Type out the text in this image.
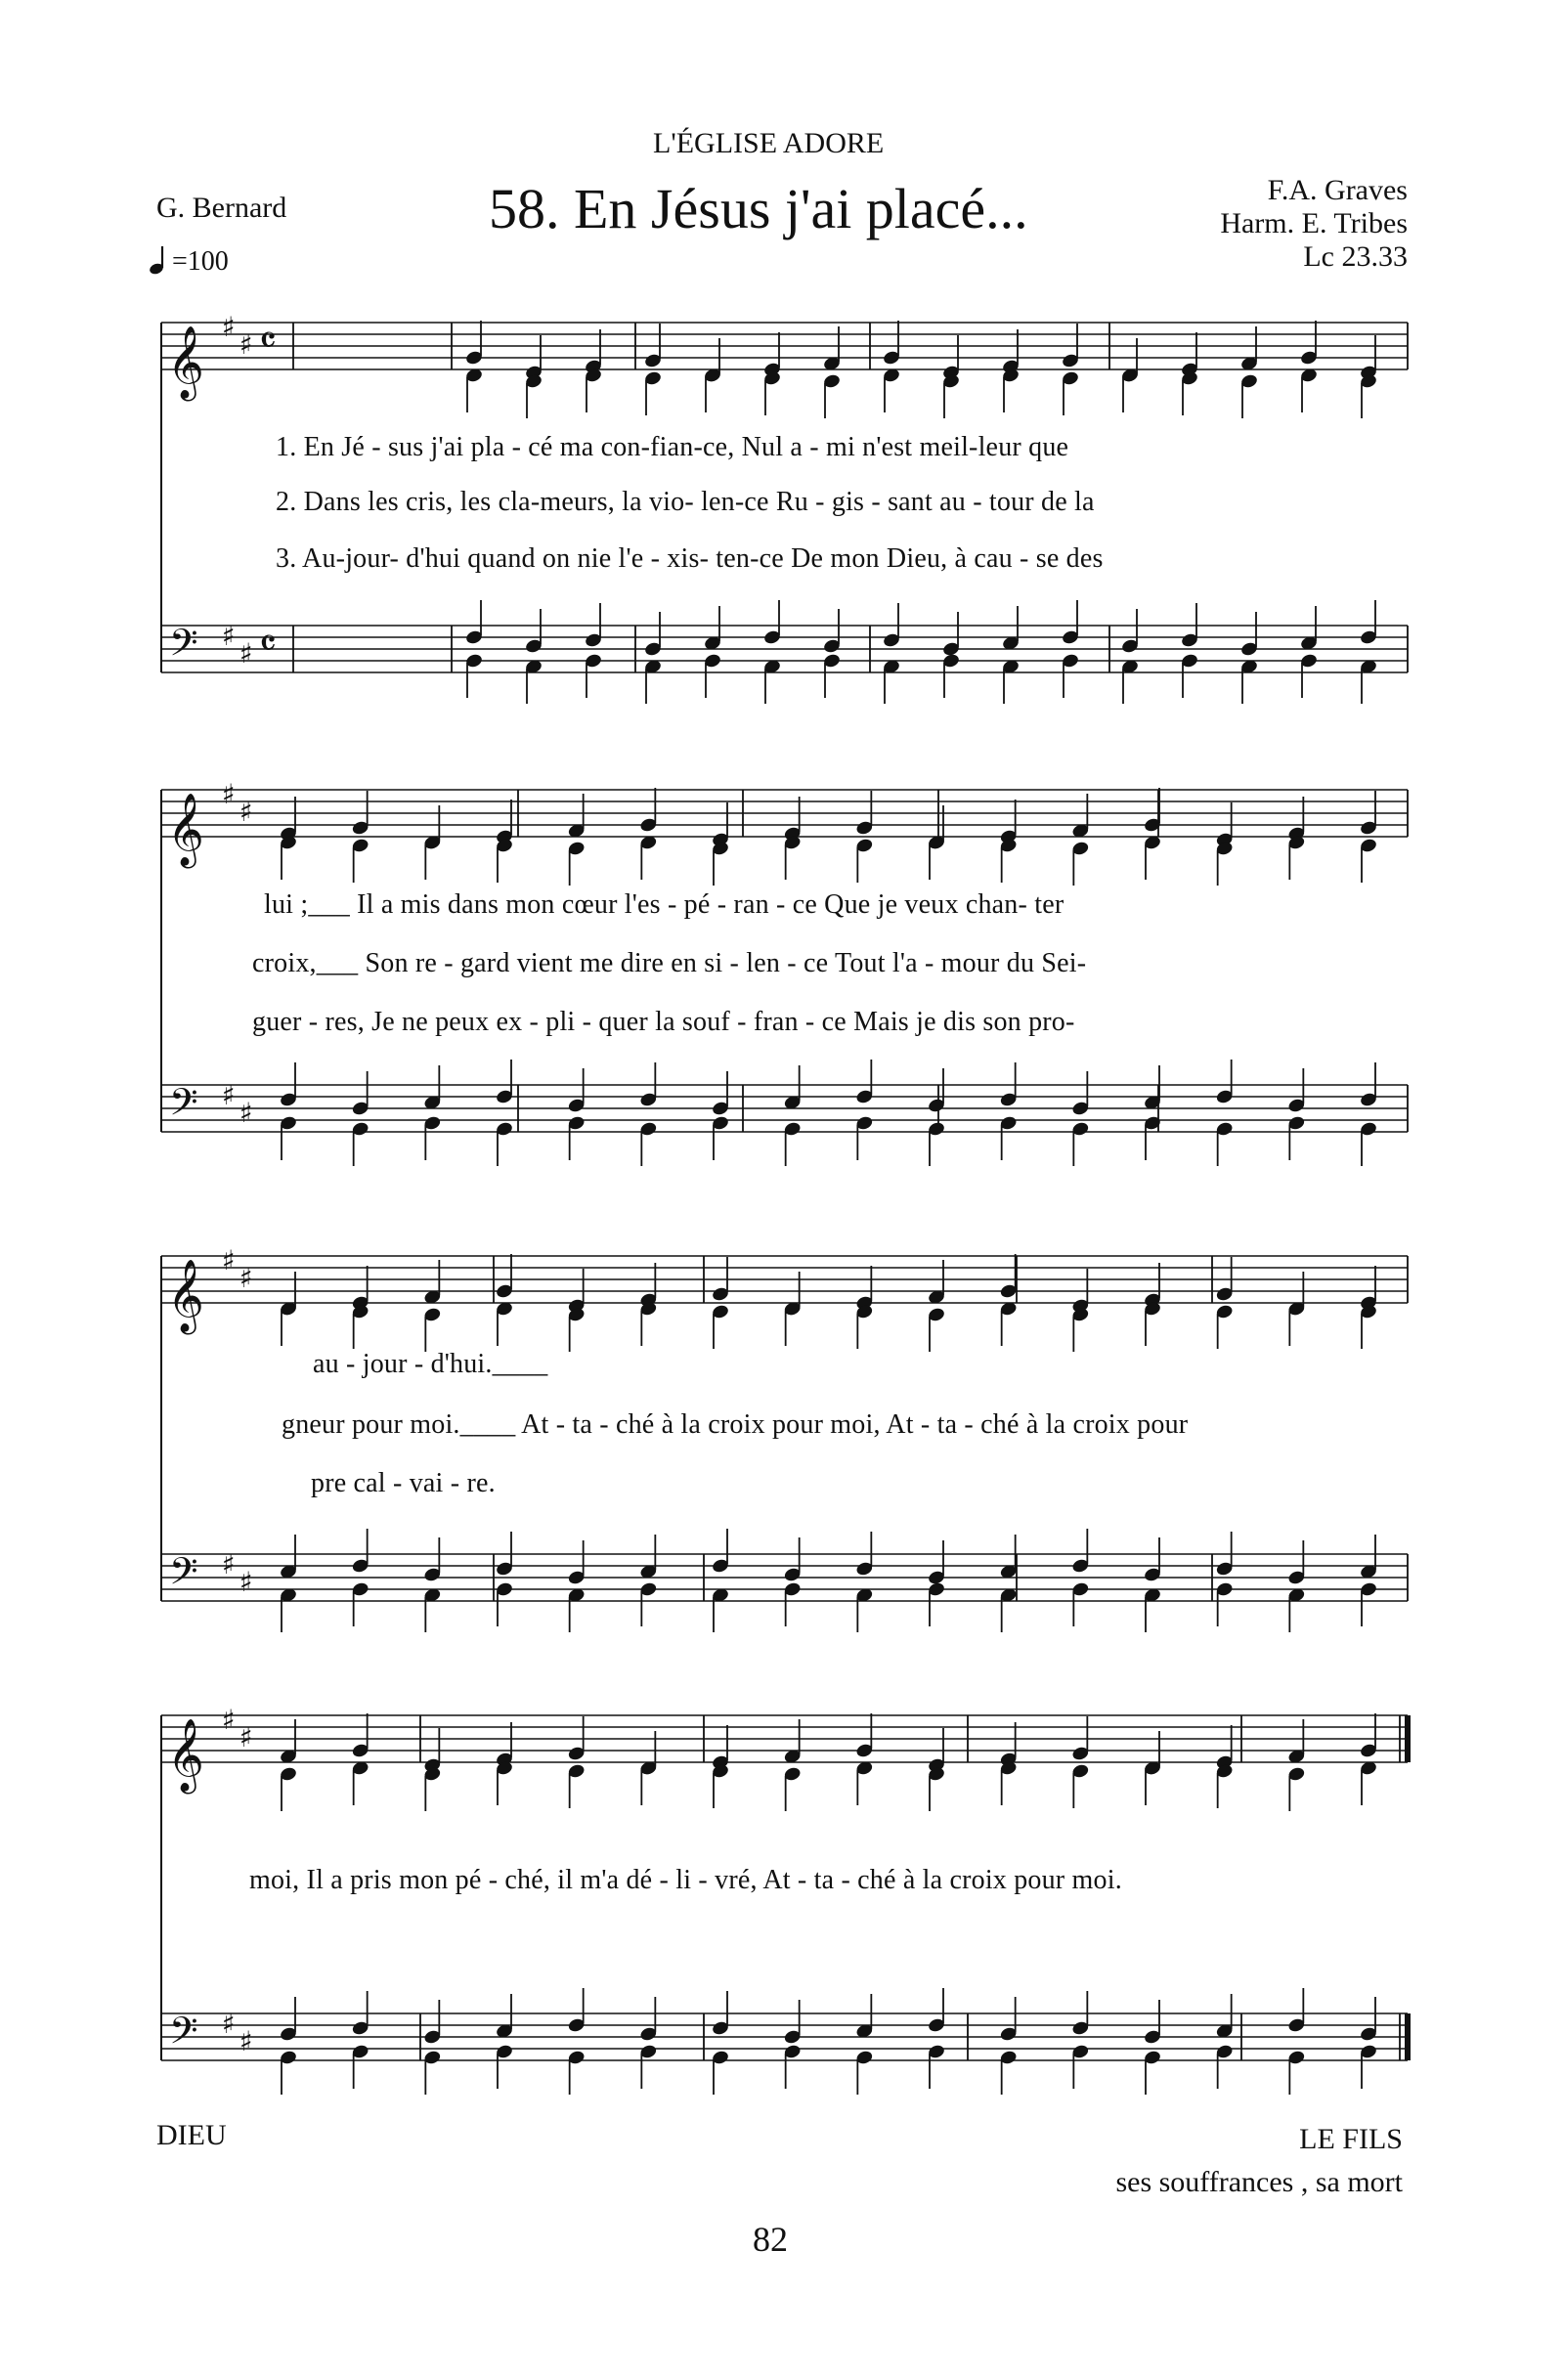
L'ÉGLISE ADORE
G. Bernard
=100
58. En Jésus j'ai placé...	F.A. Graves
Harm. E. Tribes
Lc 23.33
𝄞
𝄢
♯
♯
♯
♯
𝄴
𝄴
𝄞
𝄢
♯
♯
♯
♯
𝄞
𝄢
♯
♯
♯
♯
𝄞
𝄢
♯
♯
♯
♯
1. En Jé - sus j'ai pla - cé ma con-fian-ce, Nul a - mi n'est meil-leur que
2. Dans les cris, les cla-meurs, la vio- len-ce Ru - gis - sant au - tour de la
3. Au-jour- d'hui quand on nie l'e - xis- ten-ce De mon Dieu, à cau - se des
lui ;___ Il a mis dans mon cœur l'es - pé - ran - ce Que je veux chan- ter
croix,___ Son re - gard vient me dire en si - len - ce Tout l'a - mour du Sei-
guer - res, Je ne peux ex - pli - quer la souf - fran - ce Mais je dis son pro-
au - jour - d'hui.____
gneur pour moi.____ At - ta - ché à la croix pour moi, At - ta - ché à la croix pour
pre cal - vai - re.
moi, Il a pris mon pé - ché, il m'a dé - li - vré, At - ta - ché à la croix pour moi.
DIEU	LE FILS
ses souffrances , sa mort
82
